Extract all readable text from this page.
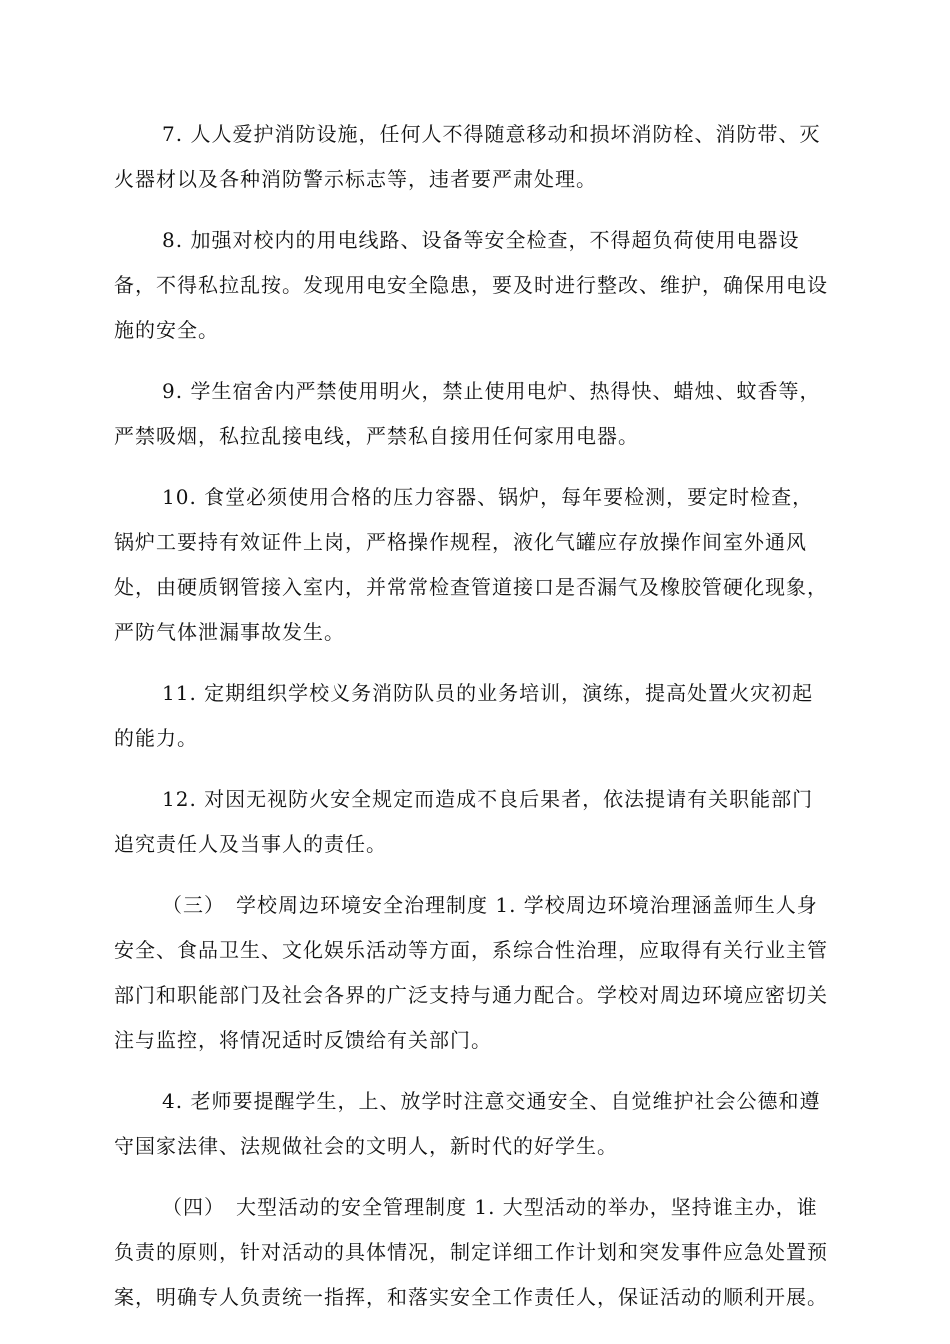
7. 人人爱护消防设施，任何人不得随意移动和损坏消防栓、消防带、灭火器材以及各种消防警示标志等，违者要严肃处理。

8. 加强对校内的用电线路、设备等安全检查，不得超负荷使用电器设备，不得私拉乱按。发现用电安全隐患，要及时进行整改、维护，确保用电设施的安全。

9. 学生宿舍内严禁使用明火，禁止使用电炉、热得快、蜡烛、蚊香等，严禁吸烟，私拉乱接电线，严禁私自接用任何家用电器。

10. 食堂必须使用合格的压力容器、锅炉，每年要检测，要定时检查，锅炉工要持有效证件上岗，严格操作规程，液化气罐应存放操作间室外通风处，由硬质钢管接入室内，并常常检查管道接口是否漏气及橡胶管硬化现象，严防气体泄漏事故发生。

11. 定期组织学校义务消防队员的业务培训，演练，提高处置火灾初起的能力。

12. 对因无视防火安全规定而造成不良后果者，依法提请有关职能部门追究责任人及当事人的责任。

（三）　学校周边环境安全治理制度 1. 学校周边环境治理涵盖师生人身安全、食品卫生、文化娱乐活动等方面，系综合性治理，应取得有关行业主管部门和职能部门及社会各界的广泛支持与通力配合。学校对周边环境应密切关注与监控，将情况适时反馈给有关部门。

4. 老师要提醒学生，上、放学时注意交通安全、自觉维护社会公德和遵守国家法律、法规做社会的文明人，新时代的好学生。

（四）　大型活动的安全管理制度 1. 大型活动的举办，坚持谁主办，谁负责的原则，针对活动的具体情况，制定详细工作计划和突发事件应急处置预案，明确专人负责统一指挥，和落实安全工作责任人，保证活动的顺利开展。
